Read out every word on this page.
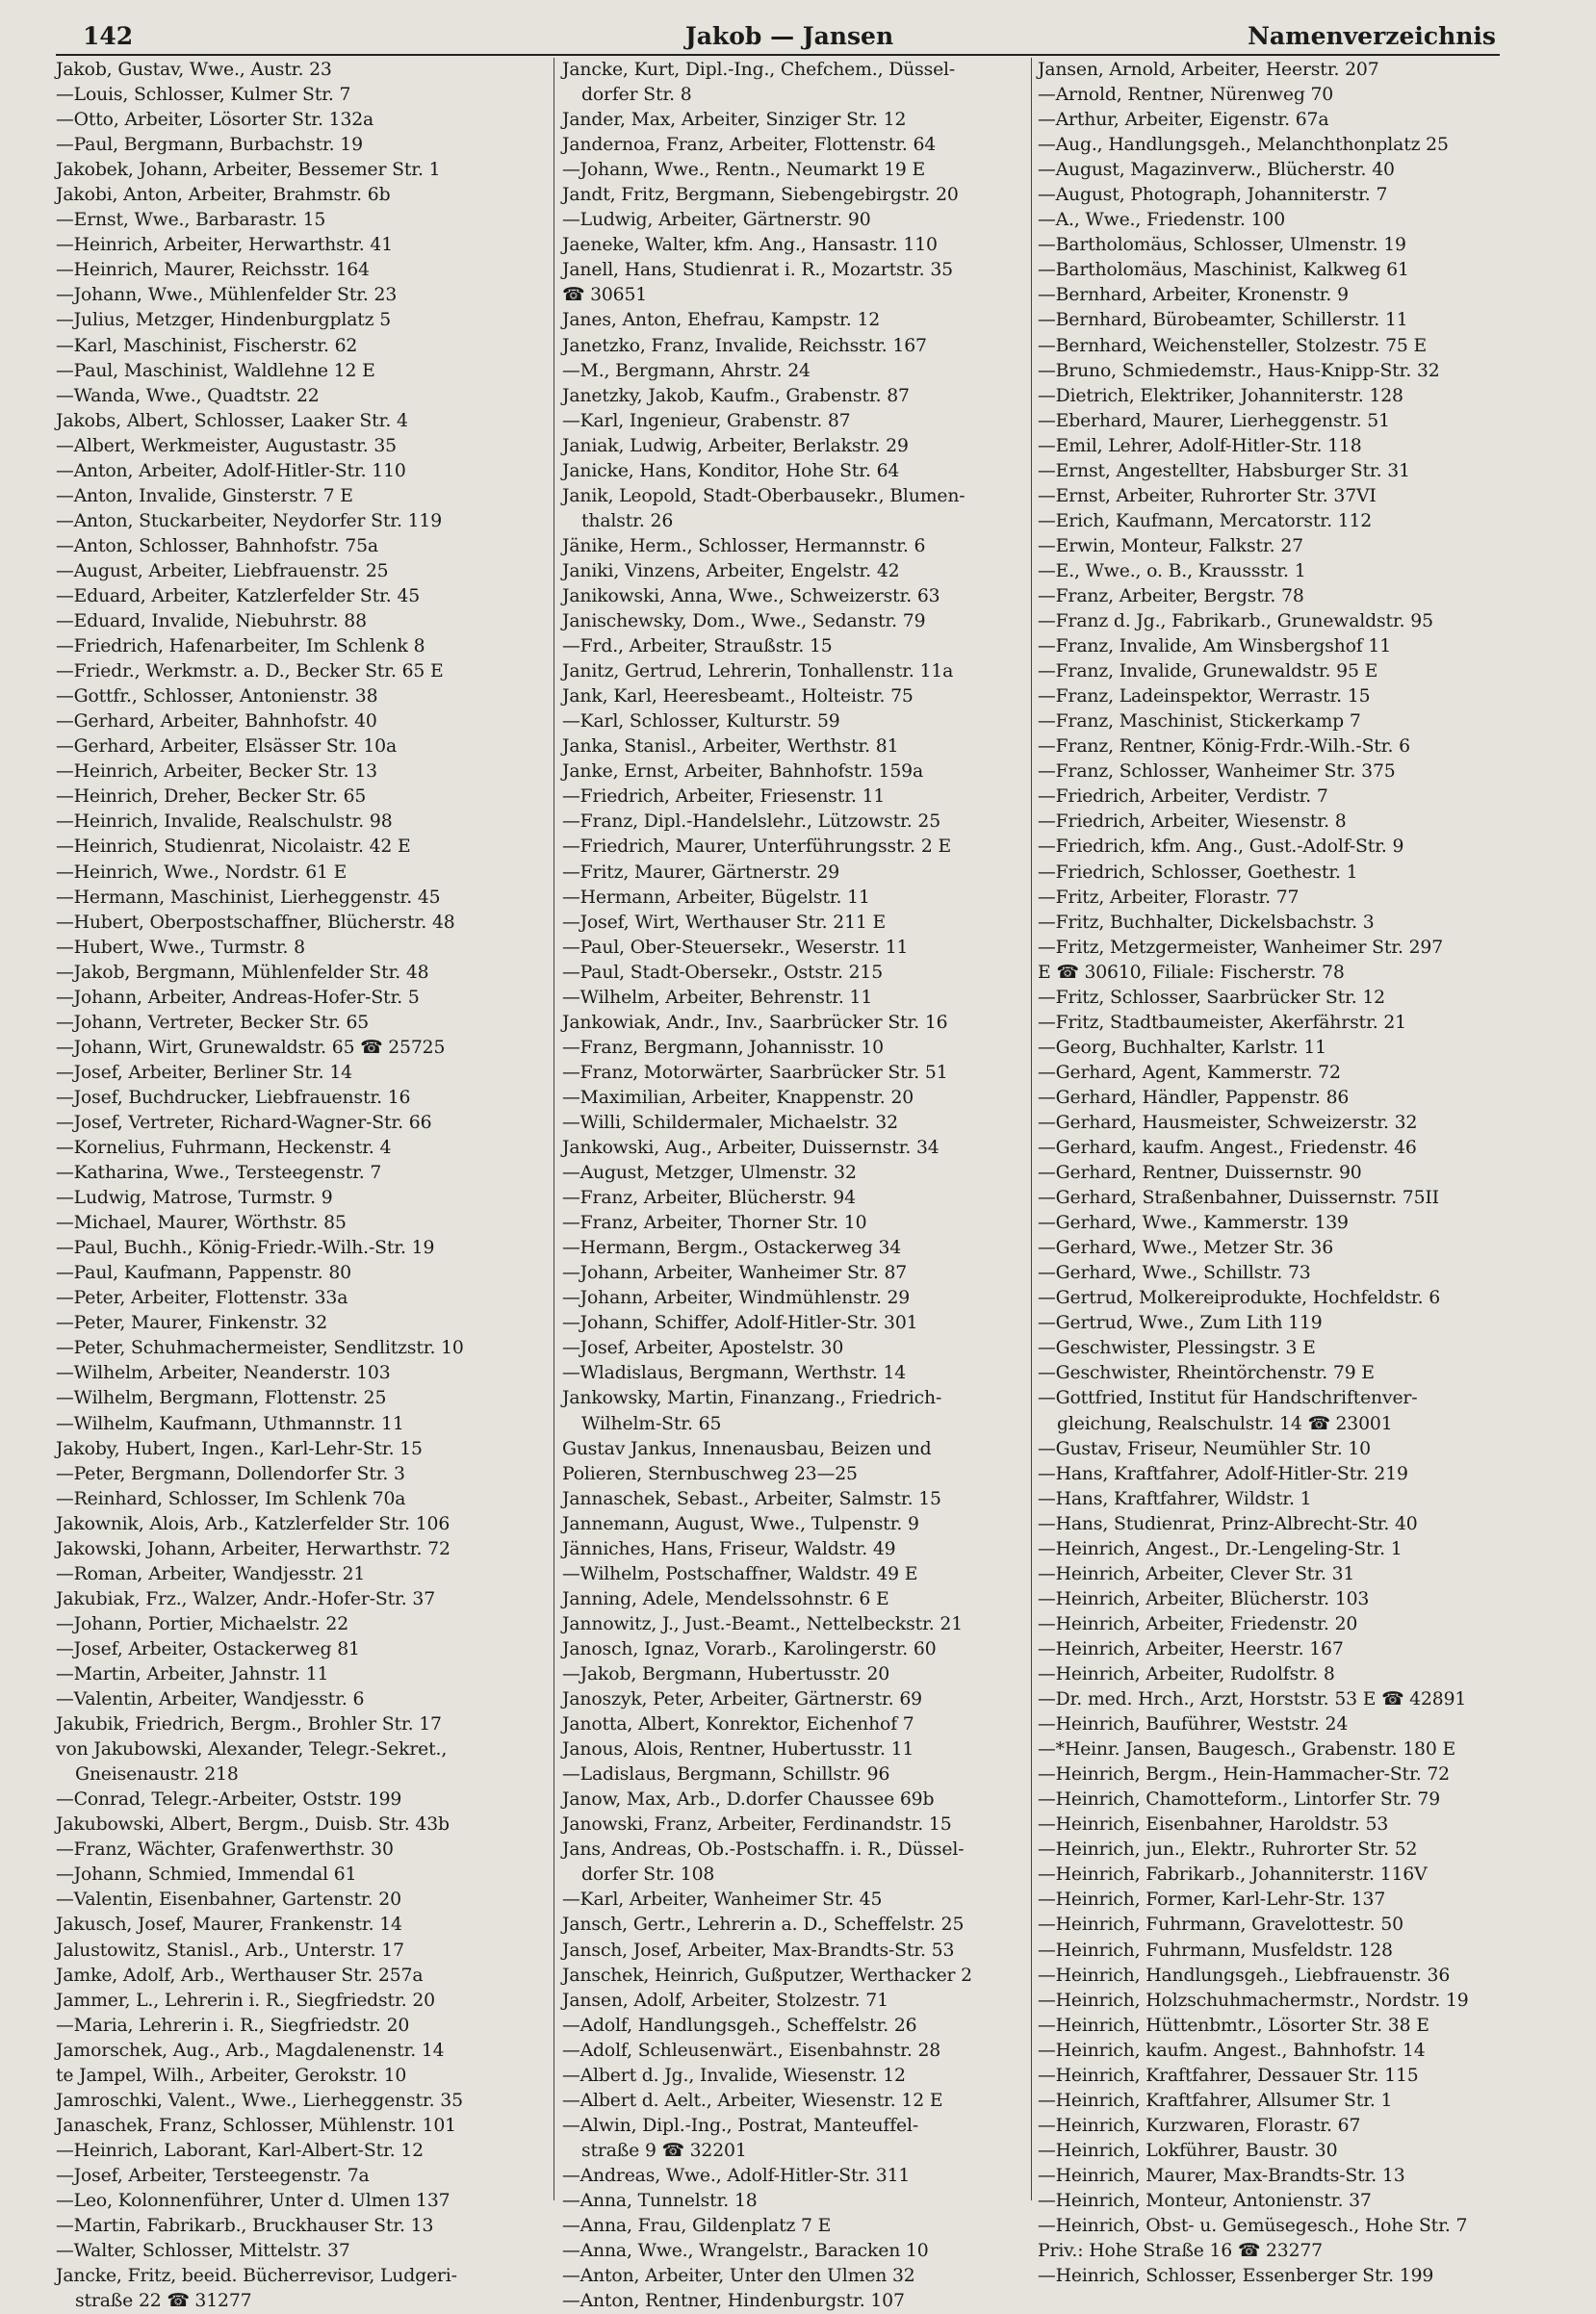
142	Jakob — Jansen	Namenverzeichnis
Jakob, Gustav, Wwe., Austr. 23
—Louis, Schlosser, Kulmer Str. 7
—Otto, Arbeiter, Lösorter Str. 132a
—Paul, Bergmann, Burbachstr. 19
Jakobek, Johann, Arbeiter, Bessemer Str. 1
Jakobi, Anton, Arbeiter, Brahmstr. 6b
—Ernst, Wwe., Barbarastr. 15
—Heinrich, Arbeiter, Herwarthstr. 41
—Heinrich, Maurer, Reichsstr. 164
—Johann, Wwe., Mühlenfelder Str. 23
—Julius, Metzger, Hindenburgplatz 5
—Karl, Maschinist, Fischerstr. 62
—Paul, Maschinist, Waldlehne 12 E
—Wanda, Wwe., Quadtstr. 22
Jakobs, Albert, Schlosser, Laaker Str. 4
—Albert, Werkmeister, Augustastr. 35
—Anton, Arbeiter, Adolf-Hitler-Str. 110
—Anton, Invalide, Ginsterstr. 7 E
—Anton, Stuckarbeiter, Neydorfer Str. 119
—Anton, Schlosser, Bahnhofstr. 75a
—August, Arbeiter, Liebfrauenstr. 25
—Eduard, Arbeiter, Katzlerfelder Str. 45
—Eduard, Invalide, Niebuhrstr. 88
—Friedrich, Hafenarbeiter, Im Schlenk 8
—Friedr., Werkmstr. a. D., Becker Str. 65 E
—Gottfr., Schlosser, Antonienstr. 38
—Gerhard, Arbeiter, Bahnhofstr. 40
—Gerhard, Arbeiter, Elsässer Str. 10a
—Heinrich, Arbeiter, Becker Str. 13
—Heinrich, Dreher, Becker Str. 65
—Heinrich, Invalide, Realschulstr. 98
—Heinrich, Studienrat, Nicolaistr. 42 E
—Heinrich, Wwe., Nordstr. 61 E
—Hermann, Maschinist, Lierheggenstr. 45
—Hubert, Oberpostschaffner, Blücherstr. 48
—Hubert, Wwe., Turmstr. 8
—Jakob, Bergmann, Mühlenfelder Str. 48
—Johann, Arbeiter, Andreas-Hofer-Str. 5
—Johann, Vertreter, Becker Str. 65
—Johann, Wirt, Grunewaldstr. 65 ☎ 25725
—Josef, Arbeiter, Berliner Str. 14
—Josef, Buchdrucker, Liebfrauenstr. 16
—Josef, Vertreter, Richard-Wagner-Str. 66
—Kornelius, Fuhrmann, Heckenstr. 4
—Katharina, Wwe., Tersteegenstr. 7
—Ludwig, Matrose, Turmstr. 9
—Michael, Maurer, Wörthstr. 85
—Paul, Buchh., König-Friedr.-Wilh.-Str. 19
—Paul, Kaufmann, Pappenstr. 80
—Peter, Arbeiter, Flottenstr. 33a
—Peter, Maurer, Finkenstr. 32
—Peter, Schuhmachermeister, Sendlitzstr. 10
—Wilhelm, Arbeiter, Neanderstr. 103
—Wilhelm, Bergmann, Flottenstr. 25
—Wilhelm, Kaufmann, Uthmannstr. 11
Jakoby, Hubert, Ingen., Karl-Lehr-Str. 15
—Peter, Bergmann, Dollendorfer Str. 3
—Reinhard, Schlosser, Im Schlenk 70a
Jakownik, Alois, Arb., Katzlerfelder Str. 106
Jakowski, Johann, Arbeiter, Herwarthstr. 72
—Roman, Arbeiter, Wandjesstr. 21
Jakubiak, Frz., Walzer, Andr.-Hofer-Str. 37
—Johann, Portier, Michaelstr. 22
—Josef, Arbeiter, Ostackerweg 81
—Martin, Arbeiter, Jahnstr. 11
—Valentin, Arbeiter, Wandjesstr. 6
Jakubik, Friedrich, Bergm., Brohler Str. 17
von Jakubowski, Alexander, Telegr.-Sekret.,
Gneisenaustr. 218
—Conrad, Telegr.-Arbeiter, Oststr. 199
Jakubowski, Albert, Bergm., Duisb. Str. 43b
—Franz, Wächter, Grafenwerthstr. 30
—Johann, Schmied, Immendal 61
—Valentin, Eisenbahner, Gartenstr. 20
Jakusch, Josef, Maurer, Frankenstr. 14
Jalustowitz, Stanisl., Arb., Unterstr. 17
Jamke, Adolf, Arb., Werthauser Str. 257a
Jammer, L., Lehrerin i. R., Siegfriedstr. 20
—Maria, Lehrerin i. R., Siegfriedstr. 20
Jamorschek, Aug., Arb., Magdalenenstr. 14
te Jampel, Wilh., Arbeiter, Gerokstr. 10
Jamroschki, Valent., Wwe., Lierheggenstr. 35
Janaschek, Franz, Schlosser, Mühlenstr. 101
—Heinrich, Laborant, Karl-Albert-Str. 12
—Josef, Arbeiter, Tersteegenstr. 7a
—Leo, Kolonnenführer, Unter d. Ulmen 137
—Martin, Fabrikarb., Bruckhauser Str. 13
—Walter, Schlosser, Mittelstr. 37
Jancke, Fritz, beeid. Bücherrevisor, Ludgeri-
straße 22 ☎ 31277
Jancke, Kurt, Dipl.-Ing., Chefchem., Düssel-
dorfer Str. 8
Jander, Max, Arbeiter, Sinziger Str. 12
Jandernoa, Franz, Arbeiter, Flottenstr. 64
—Johann, Wwe., Rentn., Neumarkt 19 E
Jandt, Fritz, Bergmann, Siebengebirgstr. 20
—Ludwig, Arbeiter, Gärtnerstr. 90
Jaeneke, Walter, kfm. Ang., Hansastr. 110
Janell, Hans, Studienrat i. R., Mozartstr. 35
☎ 30651
Janes, Anton, Ehefrau, Kampstr. 12
Janetzko, Franz, Invalide, Reichsstr. 167
—M., Bergmann, Ahrstr. 24
Janetzky, Jakob, Kaufm., Grabenstr. 87
—Karl, Ingenieur, Grabenstr. 87
Janiak, Ludwig, Arbeiter, Berlakstr. 29
Janicke, Hans, Konditor, Hohe Str. 64
Janik, Leopold, Stadt-Oberbausekr., Blumen-
thalstr. 26
Jänike, Herm., Schlosser, Hermannstr. 6
Janiki, Vinzens, Arbeiter, Engelstr. 42
Janikowski, Anna, Wwe., Schweizerstr. 63
Janischewsky, Dom., Wwe., Sedanstr. 79
—Frd., Arbeiter, Straußstr. 15
Janitz, Gertrud, Lehrerin, Tonhallenstr. 11a
Jank, Karl, Heeresbeamt., Holteistr. 75
—Karl, Schlosser, Kulturstr. 59
Janka, Stanisl., Arbeiter, Werthstr. 81
Janke, Ernst, Arbeiter, Bahnhofstr. 159a
—Friedrich, Arbeiter, Friesenstr. 11
—Franz, Dipl.-Handelslehr., Lützowstr. 25
—Friedrich, Maurer, Unterführungsstr. 2 E
—Fritz, Maurer, Gärtnerstr. 29
—Hermann, Arbeiter, Bügelstr. 11
—Josef, Wirt, Werthauser Str. 211 E
—Paul, Ober-Steuersekr., Weserstr. 11
—Paul, Stadt-Obersekr., Oststr. 215
—Wilhelm, Arbeiter, Behrenstr. 11
Jankowiak, Andr., Inv., Saarbrücker Str. 16
—Franz, Bergmann, Johannisstr. 10
—Franz, Motorwärter, Saarbrücker Str. 51
—Maximilian, Arbeiter, Knappenstr. 20
—Willi, Schildermaler, Michaelstr. 32
Jankowski, Aug., Arbeiter, Duissernstr. 34
—August, Metzger, Ulmenstr. 32
—Franz, Arbeiter, Blücherstr. 94
—Franz, Arbeiter, Thorner Str. 10
—Hermann, Bergm., Ostackerweg 34
—Johann, Arbeiter, Wanheimer Str. 87
—Johann, Arbeiter, Windmühlenstr. 29
—Johann, Schiffer, Adolf-Hitler-Str. 301
—Josef, Arbeiter, Apostelstr. 30
—Wladislaus, Bergmann, Werthstr. 14
Jankowsky, Martin, Finanzang., Friedrich-
Wilhelm-Str. 65
Gustav Jankus, Innenausbau, Beizen und
Polieren, Sternbuschweg 23—25
Jannaschek, Sebast., Arbeiter, Salmstr. 15
Jannemann, August, Wwe., Tulpenstr. 9
Jänniches, Hans, Friseur, Waldstr. 49
—Wilhelm, Postschaffner, Waldstr. 49 E
Janning, Adele, Mendelssohnstr. 6 E
Jannowitz, J., Just.-Beamt., Nettelbeckstr. 21
Janosch, Ignaz, Vorarb., Karolingerstr. 60
—Jakob, Bergmann, Hubertusstr. 20
Janoszyk, Peter, Arbeiter, Gärtnerstr. 69
Janotta, Albert, Konrektor, Eichenhof 7
Janous, Alois, Rentner, Hubertusstr. 11
—Ladislaus, Bergmann, Schillstr. 96
Janow, Max, Arb., D.dorfer Chaussee 69b
Janowski, Franz, Arbeiter, Ferdinandstr. 15
Jans, Andreas, Ob.-Postschaffn. i. R., Düssel-
dorfer Str. 108
—Karl, Arbeiter, Wanheimer Str. 45
Jansch, Gertr., Lehrerin a. D., Scheffelstr. 25
Jansch, Josef, Arbeiter, Max-Brandts-Str. 53
Janschek, Heinrich, Gußputzer, Werthacker 2
Jansen, Adolf, Arbeiter, Stolzestr. 71
—Adolf, Handlungsgeh., Scheffelstr. 26
—Adolf, Schleusenwärt., Eisenbahnstr. 28
—Albert d. Jg., Invalide, Wiesenstr. 12
—Albert d. Aelt., Arbeiter, Wiesenstr. 12 E
—Alwin, Dipl.-Ing., Postrat, Manteuffel-
straße 9 ☎ 32201
—Andreas, Wwe., Adolf-Hitler-Str. 311
—Anna, Tunnelstr. 18
—Anna, Frau, Gildenplatz 7 E
—Anna, Wwe., Wrangelstr., Baracken 10
—Anton, Arbeiter, Unter den Ulmen 32
—Anton, Rentner, Hindenburgstr. 107
Jansen, Arnold, Arbeiter, Heerstr. 207
—Arnold, Rentner, Nürenweg 70
—Arthur, Arbeiter, Eigenstr. 67a
—Aug., Handlungsgeh., Melanchthonplatz 25
—August, Magazinverw., Blücherstr. 40
—August, Photograph, Johanniterstr. 7
—A., Wwe., Friedenstr. 100
—Bartholomäus, Schlosser, Ulmenstr. 19
—Bartholomäus, Maschinist, Kalkweg 61
—Bernhard, Arbeiter, Kronenstr. 9
—Bernhard, Bürobeamter, Schillerstr. 11
—Bernhard, Weichensteller, Stolzestr. 75 E
—Bruno, Schmiedemstr., Haus-Knipp-Str. 32
—Dietrich, Elektriker, Johanniterstr. 128
—Eberhard, Maurer, Lierheggenstr. 51
—Emil, Lehrer, Adolf-Hitler-Str. 118
—Ernst, Angestellter, Habsburger Str. 31
—Ernst, Arbeiter, Ruhrorter Str. 37VI
—Erich, Kaufmann, Mercatorstr. 112
—Erwin, Monteur, Falkstr. 27
—E., Wwe., o. B., Kraussstr. 1
—Franz, Arbeiter, Bergstr. 78
—Franz d. Jg., Fabrikarb., Grunewaldstr. 95
—Franz, Invalide, Am Winsbergshof 11
—Franz, Invalide, Grunewaldstr. 95 E
—Franz, Ladeinspektor, Werrastr. 15
—Franz, Maschinist, Stickerkamp 7
—Franz, Rentner, König-Frdr.-Wilh.-Str. 6
—Franz, Schlosser, Wanheimer Str. 375
—Friedrich, Arbeiter, Verdistr. 7
—Friedrich, Arbeiter, Wiesenstr. 8
—Friedrich, kfm. Ang., Gust.-Adolf-Str. 9
—Friedrich, Schlosser, Goethestr. 1
—Fritz, Arbeiter, Florastr. 77
—Fritz, Buchhalter, Dickelsbachstr. 3
—Fritz, Metzgermeister, Wanheimer Str. 297
E ☎ 30610, Filiale: Fischerstr. 78
—Fritz, Schlosser, Saarbrücker Str. 12
—Fritz, Stadtbaumeister, Akerfährstr. 21
—Georg, Buchhalter, Karlstr. 11
—Gerhard, Agent, Kammerstr. 72
—Gerhard, Händler, Pappenstr. 86
—Gerhard, Hausmeister, Schweizerstr. 32
—Gerhard, kaufm. Angest., Friedenstr. 46
—Gerhard, Rentner, Duissernstr. 90
—Gerhard, Straßenbahner, Duissernstr. 75II
—Gerhard, Wwe., Kammerstr. 139
—Gerhard, Wwe., Metzer Str. 36
—Gerhard, Wwe., Schillstr. 73
—Gertrud, Molkereiprodukte, Hochfeldstr. 6
—Gertrud, Wwe., Zum Lith 119
—Geschwister, Plessingstr. 3 E
—Geschwister, Rheintörchenstr. 79 E
—Gottfried, Institut für Handschriftenver-
gleichung, Realschulstr. 14 ☎ 23001
—Gustav, Friseur, Neumühler Str. 10
—Hans, Kraftfahrer, Adolf-Hitler-Str. 219
—Hans, Kraftfahrer, Wildstr. 1
—Hans, Studienrat, Prinz-Albrecht-Str. 40
—Heinrich, Angest., Dr.-Lengeling-Str. 1
—Heinrich, Arbeiter, Clever Str. 31
—Heinrich, Arbeiter, Blücherstr. 103
—Heinrich, Arbeiter, Friedenstr. 20
—Heinrich, Arbeiter, Heerstr. 167
—Heinrich, Arbeiter, Rudolfstr. 8
—Dr. med. Hrch., Arzt, Horststr. 53 E ☎ 42891
—Heinrich, Bauführer, Weststr. 24
—*Heinr. Jansen, Baugesch., Grabenstr. 180 E
—Heinrich, Bergm., Hein-Hammacher-Str. 72
—Heinrich, Chamotteform., Lintorfer Str. 79
—Heinrich, Eisenbahner, Haroldstr. 53
—Heinrich, jun., Elektr., Ruhrorter Str. 52
—Heinrich, Fabrikarb., Johanniterstr. 116V
—Heinrich, Former, Karl-Lehr-Str. 137
—Heinrich, Fuhrmann, Gravelottestr. 50
—Heinrich, Fuhrmann, Musfeldstr. 128
—Heinrich, Handlungsgeh., Liebfrauenstr. 36
—Heinrich, Holzschuhmachermstr., Nordstr. 19
—Heinrich, Hüttenbmtr., Lösorter Str. 38 E
—Heinrich, kaufm. Angest., Bahnhofstr. 14
—Heinrich, Kraftfahrer, Dessauer Str. 115
—Heinrich, Kraftfahrer, Allsumer Str. 1
—Heinrich, Kurzwaren, Florastr. 67
—Heinrich, Lokführer, Baustr. 30
—Heinrich, Maurer, Max-Brandts-Str. 13
—Heinrich, Monteur, Antonienstr. 37
—Heinrich, Obst- u. Gemüsegesch., Hohe Str. 7
Priv.: Hohe Straße 16 ☎ 23277
—Heinrich, Schlosser, Essenberger Str. 199
